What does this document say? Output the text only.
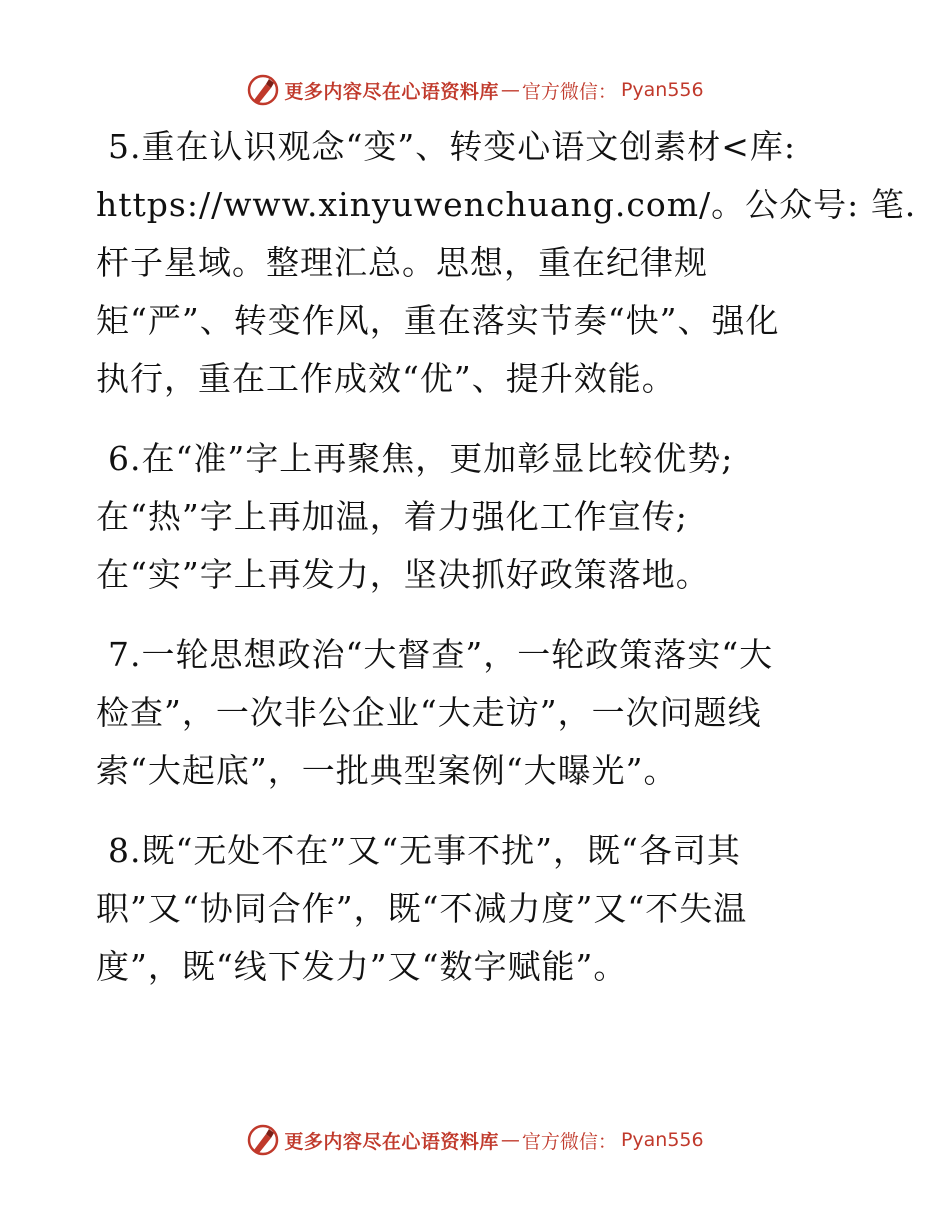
更多内容尽在心语资料库 — 官方微信： Pyan556
5.重在认识观念“变”、转变心语文创素材<库:
https://www.xinyuwenchuang.com/。公众号: 笔.
杆子星域。整理汇总。思想，重在纪律规
矩“严”、转变作风，重在落实节奏“快”、强化
执行，重在工作成效“优”、提升效能。
6.在“准”字上再聚焦，更加彰显比较优势;
在“热”字上再加温，着力强化工作宣传;
在“实”字上再发力，坚决抓好政策落地。
7.一轮思想政治“大督查”，一轮政策落实“大
检查”，一次非公企业“大走访”，一次问题线
索“大起底”，一批典型案例“大曝光”。
8.既“无处不在”又“无事不扰”，既“各司其
职”又“协同合作”，既“不减力度”又“不失温
度”，既“线下发力”又“数字赋能”。
更多内容尽在心语资料库 — 官方微信： Pyan556
